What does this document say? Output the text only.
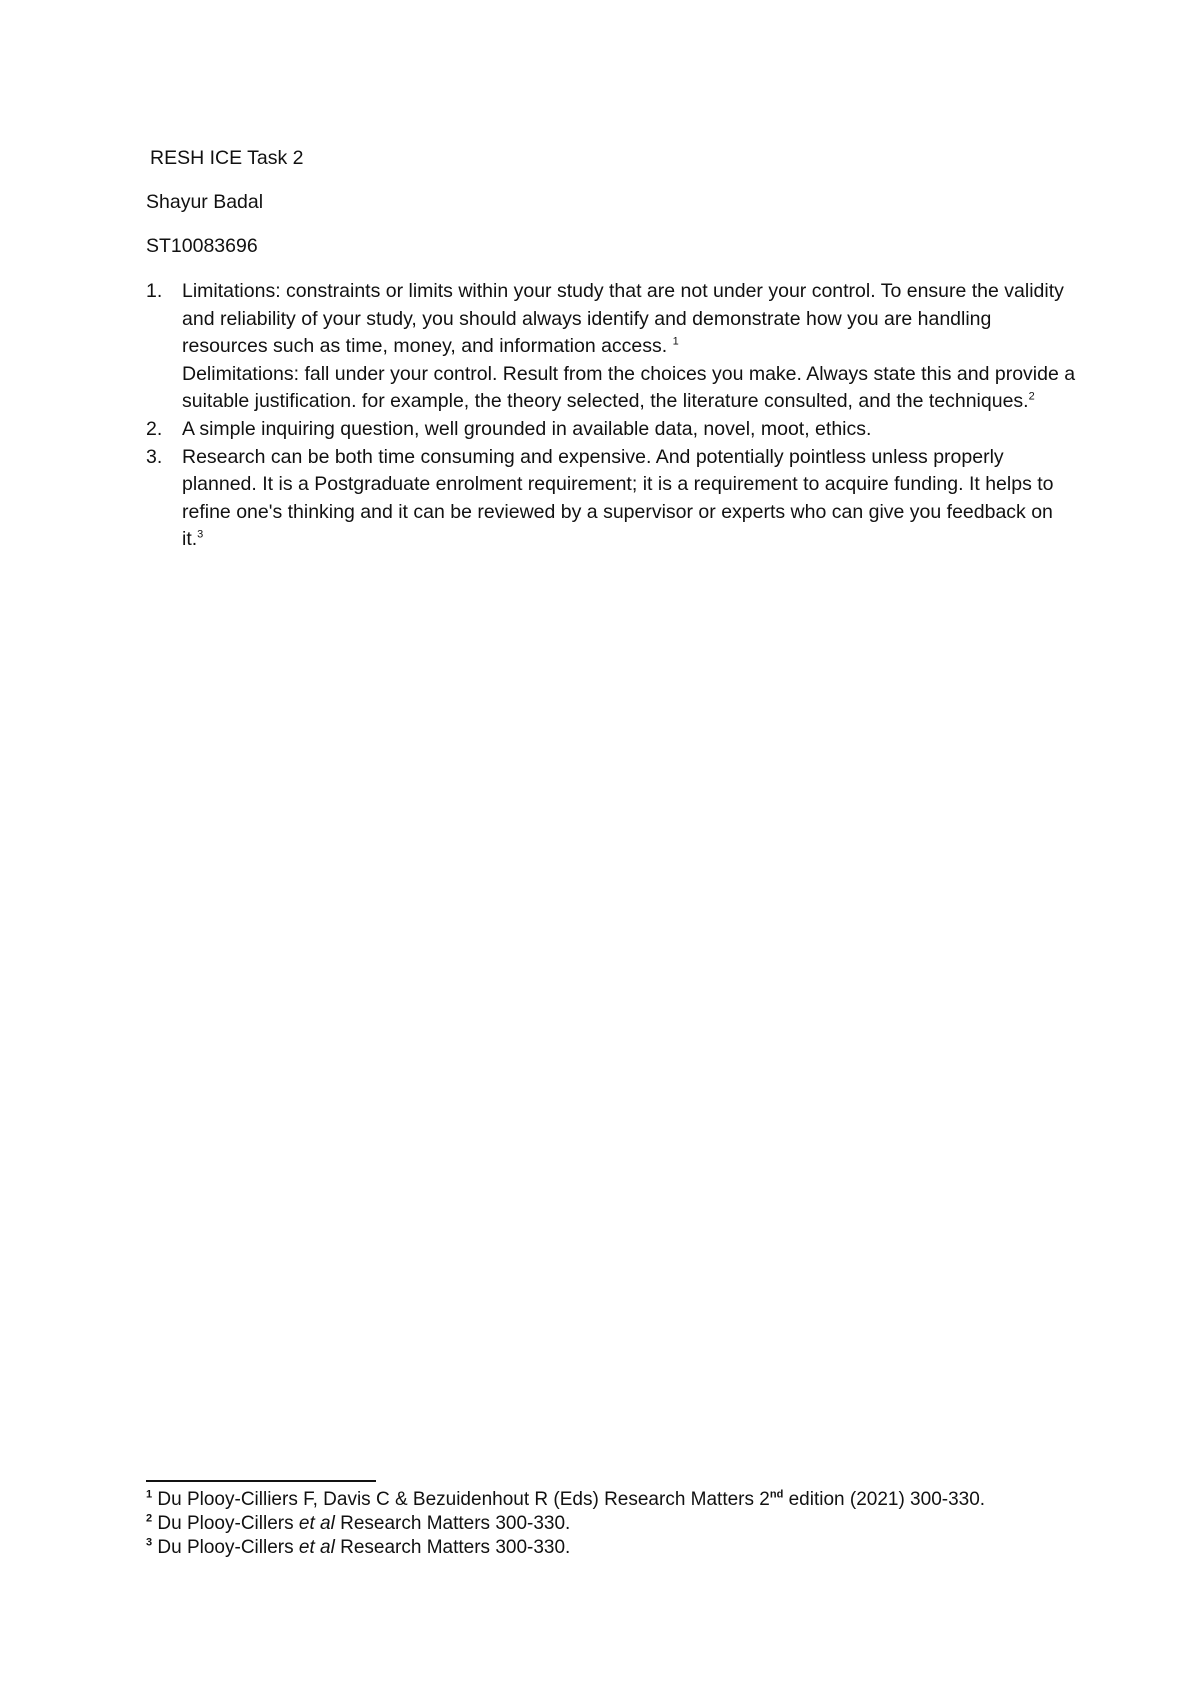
RESH ICE Task 2
Shayur Badal
ST10083696
1. Limitations: constraints or limits within your study that are not under your control. To ensure the validity and reliability of your study, you should always identify and demonstrate how you are handling resources such as time, money, and information access. $^1$
Delimitations: fall under your control. Result from the choices you make. Always state this and provide a suitable justification. for example, the theory selected, the literature consulted, and the techniques.$^2$
2. A simple inquiring question, well grounded in available data, novel, moot, ethics.
3. Research can be both time consuming and expensive. And potentially pointless unless properly planned. It is a Postgraduate enrolment requirement; it is a requirement to acquire funding. It helps to refine one's thinking and it can be reviewed by a supervisor or experts who can give you feedback on it.$^3$
$^1$ Du Plooy-Cilliers F, Davis C & Bezuidenhout R (Eds) Research Matters 2nd edition (2021) 300-330.
$^2$ Du Plooy-Cillers et al Research Matters 300-330.
$^3$ Du Plooy-Cillers et al Research Matters 300-330.
